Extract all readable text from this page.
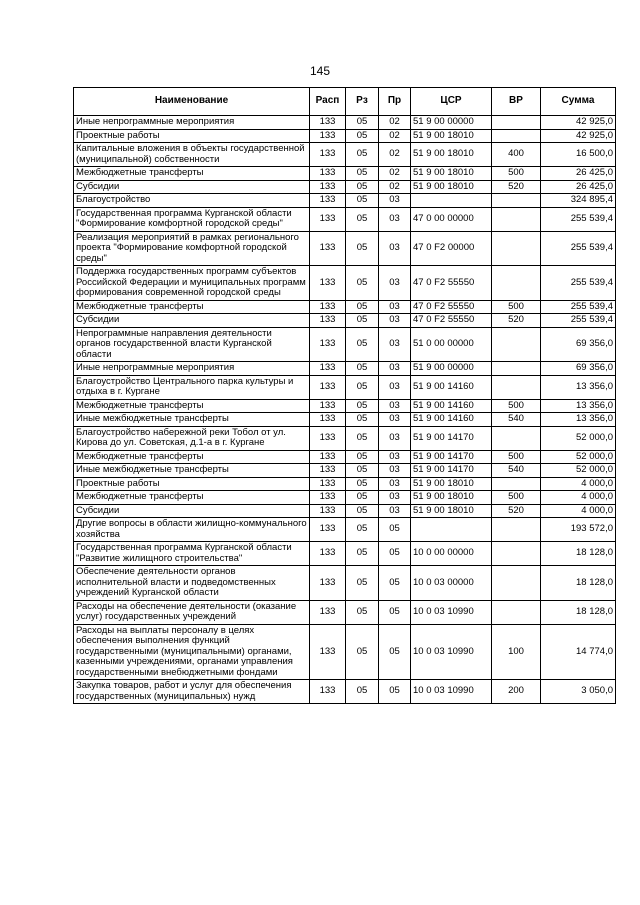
145
Наименование	Расп	Рз	Пр	ЦСР	ВР	Сумма
Иные непрограммные мероприятия	133	05	02	51 9 00 00000		42 925,0
Проектные работы	133	05	02	51 9 00 18010		42 925,0
Капитальные вложения в объекты государственной (муниципальной) собственности	133	05	02	51 9 00 18010	400	16 500,0
Межбюджетные трансферты	133	05	02	51 9 00 18010	500	26 425,0
Субсидии	133	05	02	51 9 00 18010	520	26 425,0
Благоустройство	133	05	03			324 895,4
Государственная программа Курганской области "Формирование комфортной городской среды"	133	05	03	47 0 00 00000		255 539,4
Реализация мероприятий в рамках регионального проекта "Формирование комфортной городской среды"	133	05	03	47 0 F2 00000		255 539,4
Поддержка государственных программ субъектов Российской Федерации и муниципальных программ формирования современной городской среды	133	05	03	47 0 F2 55550		255 539,4
Межбюджетные трансферты	133	05	03	47 0 F2 55550	500	255 539,4
Субсидии	133	05	03	47 0 F2 55550	520	255 539,4
Непрограммные направления деятельности органов государственной власти Курганской области	133	05	03	51 0 00 00000		69 356,0
Иные непрограммные мероприятия	133	05	03	51 9 00 00000		69 356,0
Благоустройство Центрального парка культуры и отдыха в г. Кургане	133	05	03	51 9 00 14160		13 356,0
Межбюджетные трансферты	133	05	03	51 9 00 14160	500	13 356,0
Иные межбюджетные трансферты	133	05	03	51 9 00 14160	540	13 356,0
Благоустройство набережной реки Тобол от ул. Кирова до ул. Советская, д.1-а в г. Кургане	133	05	03	51 9 00 14170		52 000,0
Межбюджетные трансферты	133	05	03	51 9 00 14170	500	52 000,0
Иные межбюджетные трансферты	133	05	03	51 9 00 14170	540	52 000,0
Проектные работы	133	05	03	51 9 00 18010		4 000,0
Межбюджетные трансферты	133	05	03	51 9 00 18010	500	4 000,0
Субсидии	133	05	03	51 9 00 18010	520	4 000,0
Другие вопросы в области жилищно-коммунального хозяйства	133	05	05			193 572,0
Государственная программа Курганской области "Развитие жилищного строительства"	133	05	05	10 0 00 00000		18 128,0
Обеспечение деятельности органов исполнительной власти и подведомственных учреждений Курганской области	133	05	05	10 0 03 00000		18 128,0
Расходы на обеспечение деятельности (оказание услуг) государственных учреждений	133	05	05	10 0 03 10990		18 128,0
Расходы на выплаты персоналу в целях обеспечения выполнения функций государственными (муниципальными) органами, казенными учреждениями, органами управления государственными внебюджетными фондами	133	05	05	10 0 03 10990	100	14 774,0
Закупка товаров, работ и услуг для обеспечения государственных (муниципальных) нужд	133	05	05	10 0 03 10990	200	3 050,0
